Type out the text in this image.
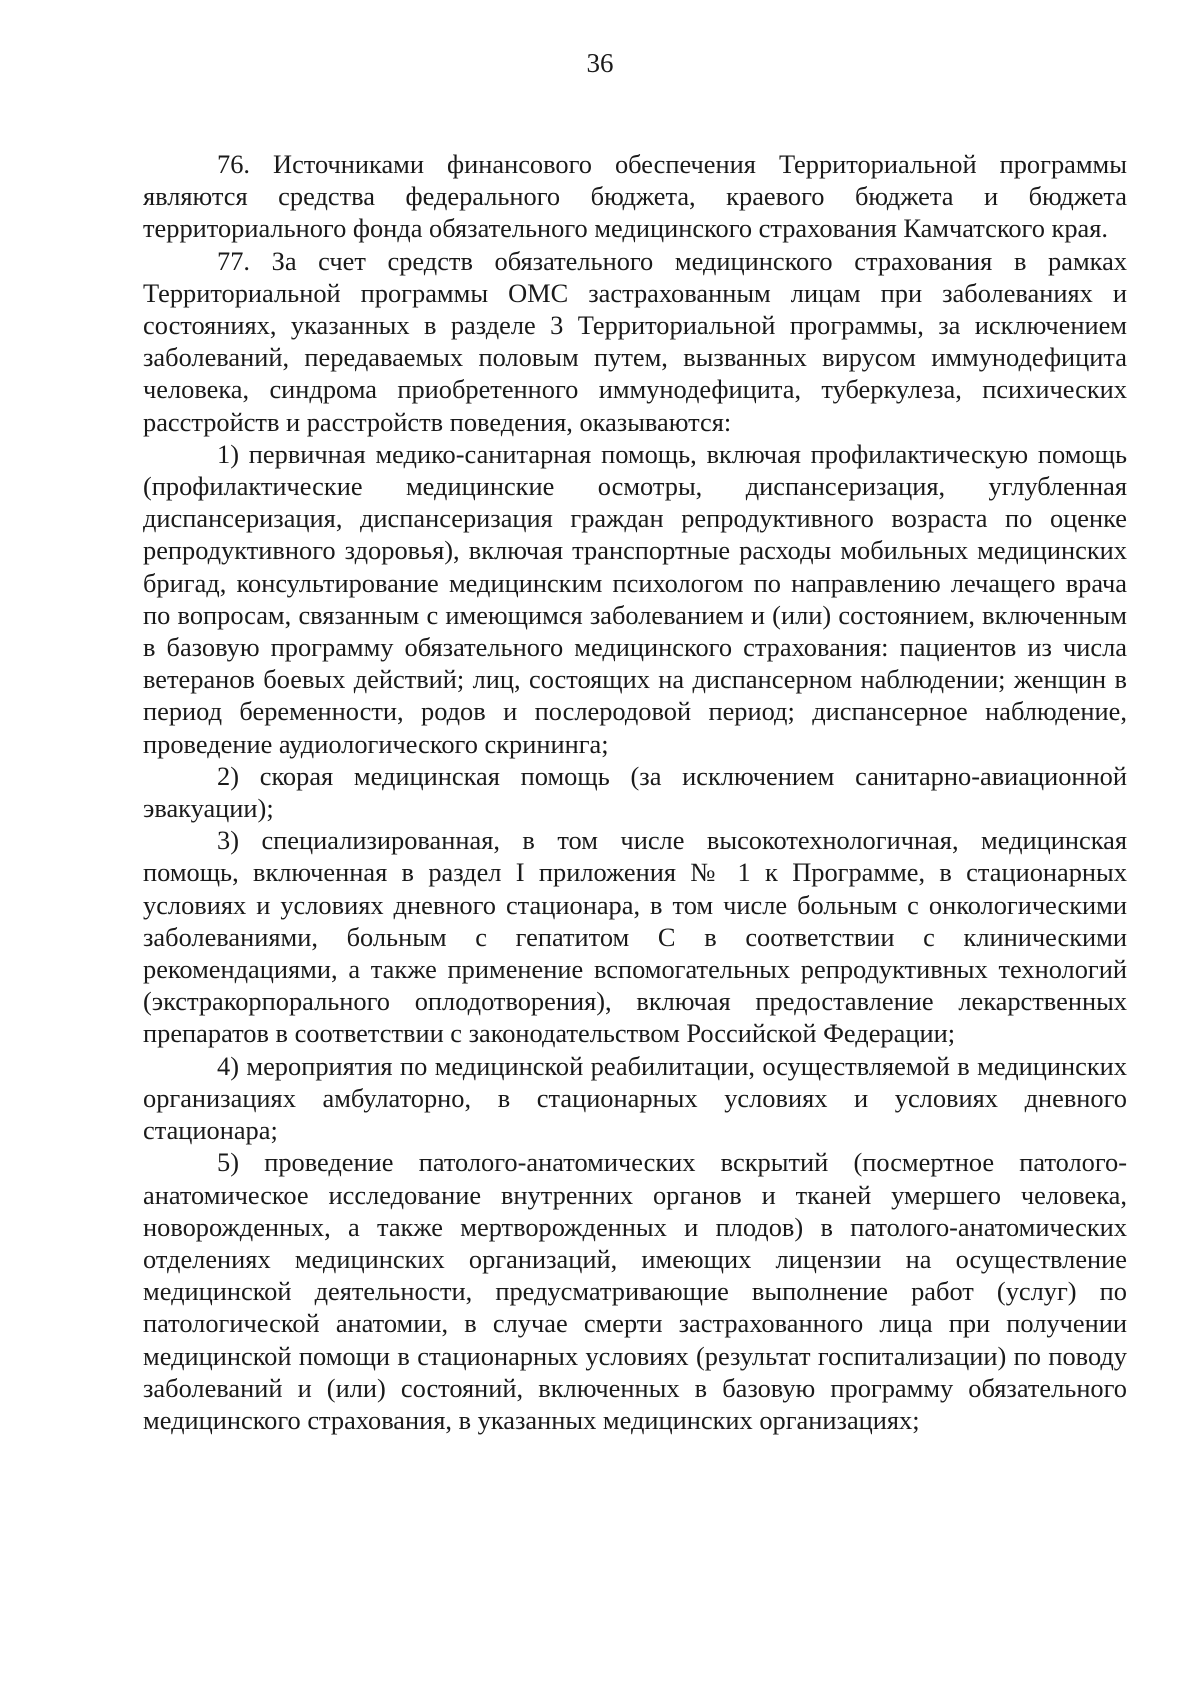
36

76. Источниками финансового обеспечения Территориальной программы являются средства федерального бюджета, краевого бюджета и бюджета территориального фонда обязательного медицинского страхования Камчатского края.

77. За счет средств обязательного медицинского страхования в рамках Территориальной программы ОМС застрахованным лицам при заболеваниях и состояниях, указанных в разделе 3 Территориальной программы, за исключением заболеваний, передаваемых половым путем, вызванных вирусом иммунодефицита человека, синдрома приобретенного иммунодефицита, туберкулеза, психических расстройств и расстройств поведения, оказываются:

1) первичная медико-санитарная помощь, включая профилактическую помощь (профилактические медицинские осмотры, диспансеризация, углубленная диспансеризация, диспансеризация граждан репродуктивного возраста по оценке репродуктивного здоровья), включая транспортные расходы мобильных медицинских бригад, консультирование медицинским психологом по направлению лечащего врача по вопросам, связанным с имеющимся заболеванием и (или) состоянием, включенным в базовую программу обязательного медицинского страхования: пациентов из числа ветеранов боевых действий; лиц, состоящих на диспансерном наблюдении; женщин в период беременности, родов и послеродовой период; диспансерное наблюдение, проведение аудиологического скрининга;

2) скорая медицинская помощь (за исключением санитарно-авиационной эвакуации);

3) специализированная, в том числе высокотехнологичная, медицинская помощь, включенная в раздел I приложения № 1 к Программе, в стационарных условиях и условиях дневного стационара, в том числе больным с онкологическими заболеваниями, больным с гепатитом С в соответствии с клиническими рекомендациями, а также применение вспомогательных репродуктивных технологий (экстракорпорального оплодотворения), включая предоставление лекарственных препаратов в соответствии с законодательством Российской Федерации;

4) мероприятия по медицинской реабилитации, осуществляемой в медицинских организациях амбулаторно, в стационарных условиях и условиях дневного стационара;

5) проведение патолого-анатомических вскрытий (посмертное патолого-анатомическое исследование внутренних органов и тканей умершего человека, новорожденных, а также мертворожденных и плодов) в патолого-анатомических отделениях медицинских организаций, имеющих лицензии на осуществление медицинской деятельности, предусматривающие выполнение работ (услуг) по патологической анатомии, в случае смерти застрахованного лица при получении медицинской помощи в стационарных условиях (результат госпитализации) по поводу заболеваний и (или) состояний, включенных в базовую программу обязательного медицинского страхования, в указанных медицинских организациях;
